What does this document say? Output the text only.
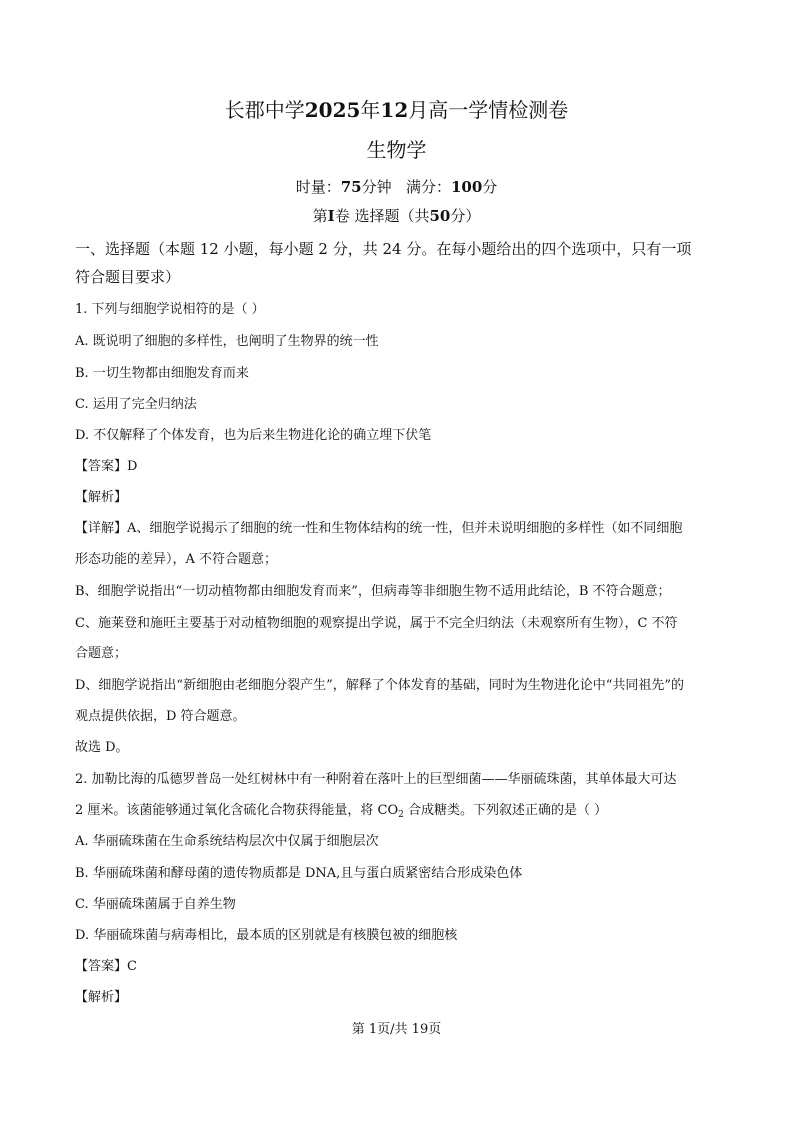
长郡中学2025年12月高一学情检测卷
生物学
时量：75分钟 满分：100分
第I卷 选择题（共50分）
一、选择题（本题 12 小题，每小题 2 分，共 24 分。在每小题给出的四个选项中，只有一项
符合题目要求）
1. 下列与细胞学说相符的是（ ）
A. 既说明了细胞的多样性，也阐明了生物界的统一性
B. 一切生物都由细胞发育而来
C. 运用了完全归纳法
D. 不仅解释了个体发育，也为后来生物进化论的确立埋下伏笔
【答案】D
【解析】
【详解】A、细胞学说揭示了细胞的统一性和生物体结构的统一性，但并未说明细胞的多样性（如不同细胞
形态功能的差异），A 不符合题意；
B、细胞学说指出“一切动植物都由细胞发育而来”，但病毒等非细胞生物不适用此结论，B 不符合题意；
C、施莱登和施旺主要基于对动植物细胞的观察提出学说，属于不完全归纳法（未观察所有生物），C 不符
合题意；
D、细胞学说指出“新细胞由老细胞分裂产生”，解释了个体发育的基础，同时为生物进化论中“共同祖先”的
观点提供依据，D 符合题意。
故选 D。
2. 加勒比海的瓜德罗普岛一处红树林中有一种附着在落叶上的巨型细菌——华丽硫珠菌，其单体最大可达
2 厘米。该菌能够通过氧化含硫化合物获得能量，将 $CO_2$ 合成糖类。下列叙述正确的是（ ）
A. 华丽硫珠菌在生命系统结构层次中仅属于细胞层次
B. 华丽硫珠菌和酵母菌的遗传物质都是 DNA,且与蛋白质紧密结合形成染色体
C. 华丽硫珠菌属于自养生物
D. 华丽硫珠菌与病毒相比，最本质的区别就是有核膜包被的细胞核
【答案】C
【解析】
第 1页/共 19页
